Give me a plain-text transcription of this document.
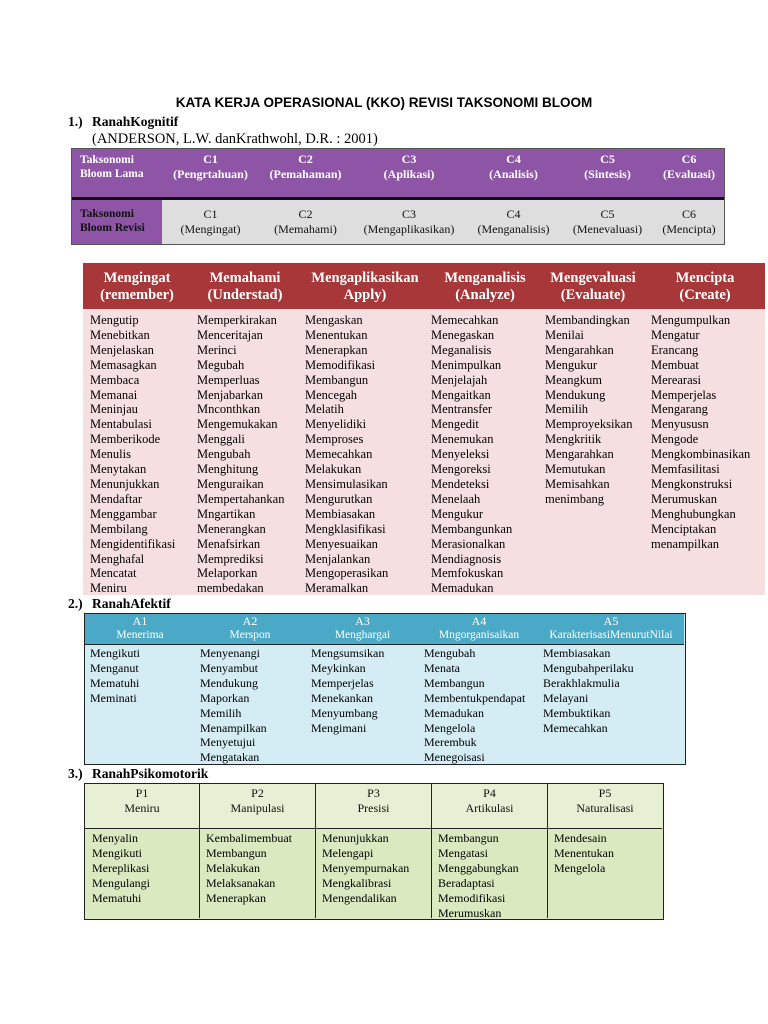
KATA KERJA OPERASIONAL (KKO) REVISI TAKSONOMI BLOOM
1.) RanahKognitif
(ANDERSON, L.W. danKrathwohl, D.R. : 2001)
Taksonomi
Bloom Lama
C1
(Pengrtahuan)
C2
(Pemahaman)
C3
(Aplikasi)
C4
(Analisis)
C5
(Sintesis)
C6
(Evaluasi)
Taksonomi
Bloom Revisi
C1
(Mengingat)
C2
(Memahami)
C3
(Mengaplikasikan)
C4
(Menganalisis)
C5
(Menevaluasi)
C6
(Mencipta)
Mengingat
(remember)
Memahami
(Understad)
Mengaplikasikan
Apply)
Menganalisis
(Analyze)
Mengevaluasi
(Evaluate)
Mencipta
(Create)
Mengutip
Menebitkan
Menjelaskan
Memasagkan
Membaca
Memanai
Meninjau
Mentabulasi
Memberikode
Menulis
Menytakan
Menunjukkan
Mendaftar
Menggambar
Membilang
Mengidentifikasi
Menghafal
Mencatat
Meniru
Memperkirakan
Menceritajan
Merinci
Megubah
Memperluas
Menjabarkan
Mnconthkan
Mengemukakan
Menggali
Mengubah
Menghitung
Menguraikan
Mempertahankan
Mngartikan
Menerangkan
Menafsirkan
Memprediksi
Melaporkan
membedakan
Mengaskan
Menentukan
Menerapkan
Memodifikasi
Membangun
Mencegah
Melatih
Menyelidiki
Memproses
Memecahkan
Melakukan
Mensimulasikan
Mengurutkan
Membiasakan
Mengklasifikasi
Menyesuaikan
Menjalankan
Mengoperasikan
Meramalkan
Memecahkan
Menegaskan
Meganalisis
Menimpulkan
Menjelajah
Mengaitkan
Mentransfer
Mengedit
Menemukan
Menyeleksi
Mengoreksi
Mendeteksi
Menelaah
Mengukur
Membangunkan
Merasionalkan
Mendiagnosis
Memfokuskan
Memadukan
Membandingkan
Menilai
Mengarahkan
Mengukur
Meangkum
Mendukung
Memilih
Memproyeksikan
Mengkritik
Mengarahkan
Memutukan
Memisahkan
menimbang
Mengumpulkan
Mengatur
Erancang
Membuat
Merearasi
Memperjelas
Mengarang
Menyususn
Mengode
Mengkombinasikan
Memfasilitasi
Mengkonstruksi
Merumuskan
Menghubungkan
Menciptakan
menampilkan
2.) RanahAfektif
A1
Menerima
A2
Merspon
A3
Menghargai
A4
Mngorganisaikan
A5
KarakterisasiMenurutNilai
Mengikuti
Menganut
Mematuhi
Meminati
Menyenangi
Menyambut
Mendukung
Maporkan
Memilih
Menampilkan
Menyetujui
Mengatakan
Mengsumsikan
Meykinkan
Memperjelas
Menekankan
Menyumbang
Mengimani
Mengubah
Menata
Membangun
Membentukpendapat
Memadukan
Mengelola
Merembuk
Menegoisasi
Membiasakan
Mengubahperilaku
Berakhlakmulia
Melayani
Membuktikan
Memecahkan
3.) RanahPsikomotorik
P1
Meniru
P2
Manipulasi
P3
Presisi
P4
Artikulasi
P5
Naturalisasi
Menyalin
Mengikuti
Mereplikasi
Mengulangi
Mematuhi
Kembalimembuat
Membangun
Melakukan
Melaksanakan
Menerapkan
Menunjukkan
Melengapi
Menyempurnakan
Mengkalibrasi
Mengendalikan
Membangun
Mengatasi
Menggabungkan
Beradaptasi
Memodifikasi
Merumuskan
Mendesain
Menentukan
Mengelola
